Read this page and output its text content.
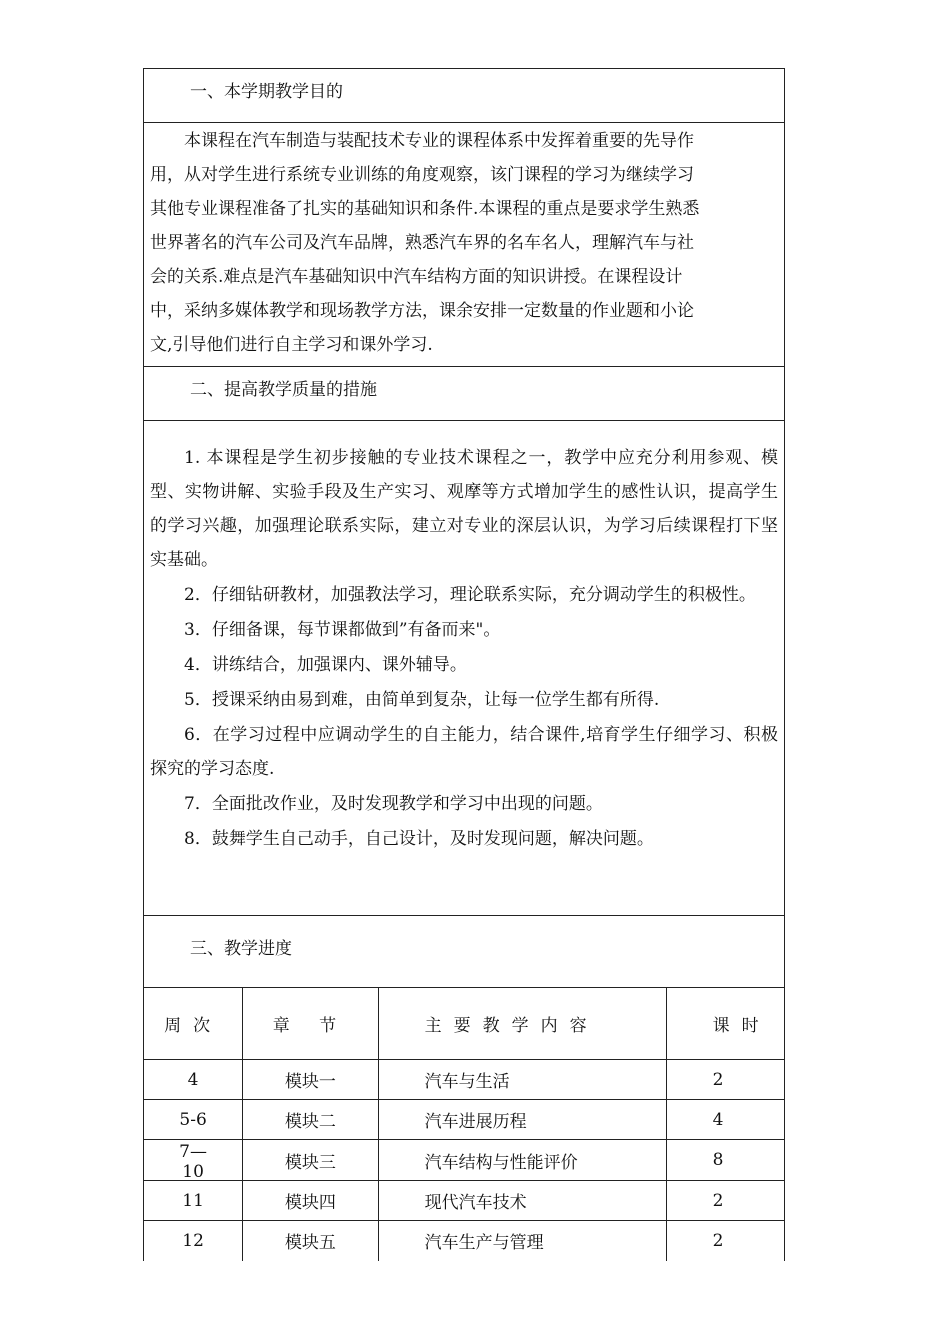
一、本学期教学目的
本课程在汽车制造与装配技术专业的课程体系中发挥着重要的先导作
用，从对学生进行系统专业训练的角度观察，该门课程的学习为继续学习
其他专业课程准备了扎实的基础知识和条件.本课程的重点是要求学生熟悉
世界著名的汽车公司及汽车品牌，熟悉汽车界的名车名人，理解汽车与社
会的关系.难点是汽车基础知识中汽车结构方面的知识讲授。在课程设计
中，采纳多媒体教学和现场教学方法，课余安排一定数量的作业题和小论
文,引导他们进行自主学习和课外学习.
二、提高教学质量的措施

1. 本课程是学生初步接触的专业技术课程之一，教学中应充分利用参观、模型、实物讲解、实验手段及生产实习、观摩等方式增加学生的感性认识，提高学生的学习兴趣，加强理论联系实际，建立对专业的深层认识，为学习后续课程打下坚实基础。

2．仔细钻研教材，加强教法学习，理论联系实际，充分调动学生的积极性。

3．仔细备课，每节课都做到”有备而来"。

4．讲练结合，加强课内、课外辅导。

5．授课采纳由易到难，由简单到复杂，让每一位学生都有所得.

6．在学习过程中应调动学生的自主能力，结合课件,培育学生仔细学习、积极探究的学习态度.

7．全面批改作业，及时发现教学和学习中出现的问题。

8．鼓舞学生自己动手，自己设计，及时发现问题，解决问题。

三、教学进度
周次	章 节	主要教学内容	课时
4	模块一	汽车与生活	2
5-6	模块二	汽车进展历程	4

7—10	模块三	汽车结构与性能评价	8
11	模块四	现代汽车技术	2
12	模块五	汽车生产与管理	2
